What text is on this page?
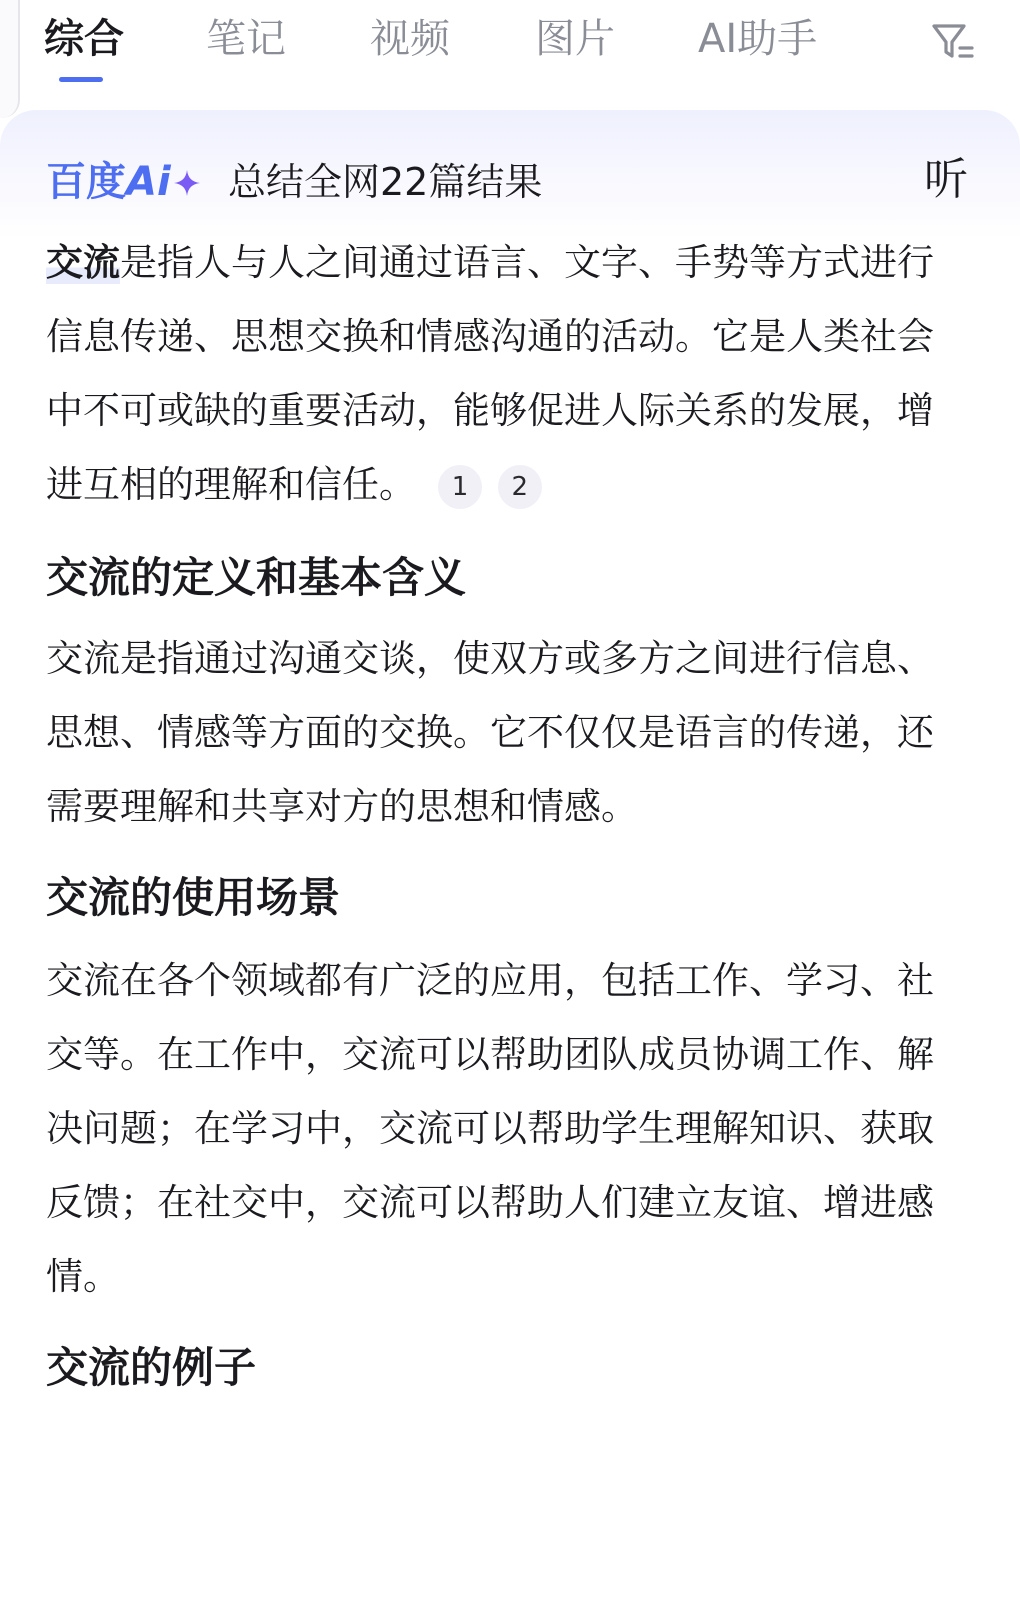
综合 笔记 视频 图片 AI助手
百度 Ai 总结全网22篇结果	听

交流是指人与人之间通过语言、文字、手势等方式进行信息传递、思想交换和情感沟通的活动。它是人类社会中不可或缺的重要活动，能够促进人际关系的发展，增进互相的理解和信任。 1 2

交流的定义和基本含义

交流是指通过沟通交谈，使双方或多方之间进行信息、思想、情感等方面的交换。它不仅仅是语言的传递，还需要理解和共享对方的思想和情感。

交流的使用场景

交流在各个领域都有广泛的应用，包括工作、学习、社交等。在工作中，交流可以帮助团队成员协调工作、解决问题；在学习中，交流可以帮助学生理解知识、获取反馈；在社交中，交流可以帮助人们建立友谊、增进感情。

交流的例子
